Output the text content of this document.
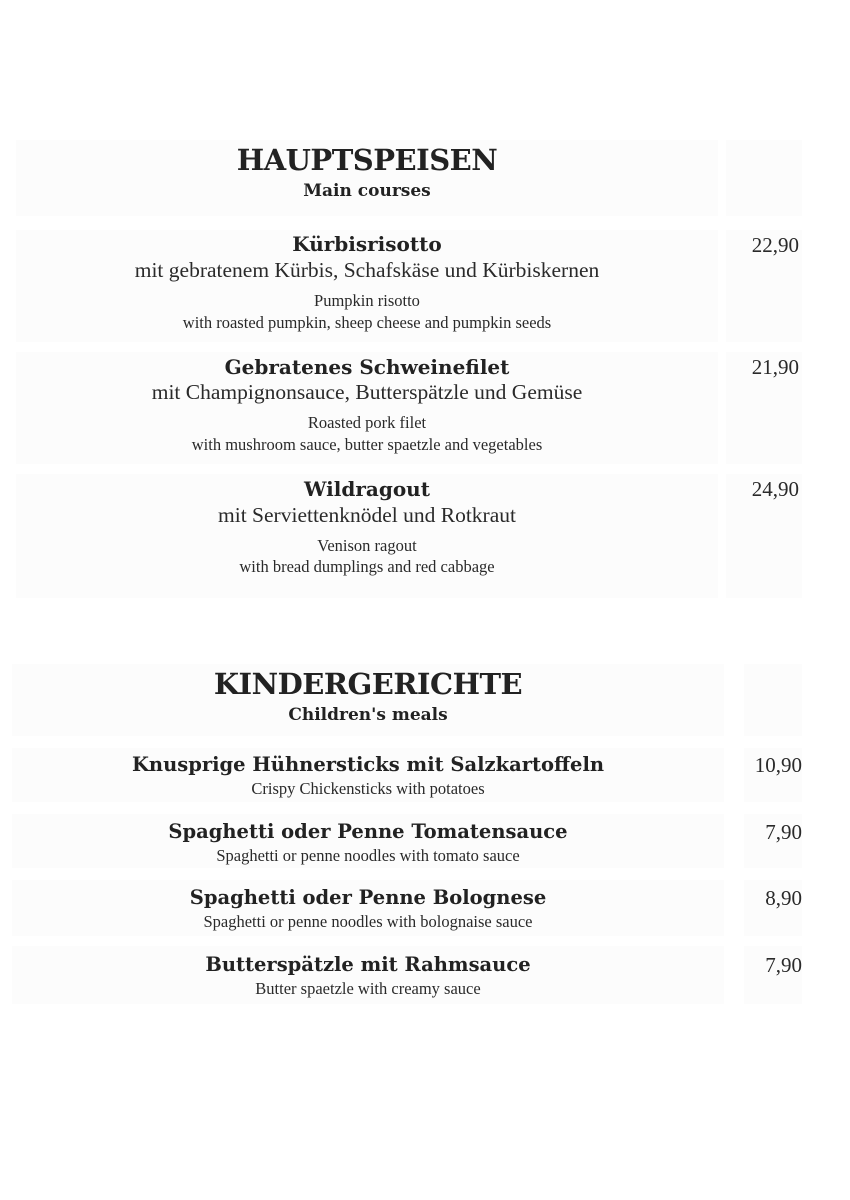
HAUPTSPEISEN
Main courses
Kürbisrisotto
mit gebratenem Kürbis, Schafskäse und Kürbiskernen
Pumpkin risotto
with roasted pumpkin, sheep cheese and pumpkin seeds
22,90
Gebratenes Schweinefilet
mit Champignonsauce, Butterspätzle und Gemüse
Roasted pork filet
with mushroom sauce, butter spaetzle and vegetables
21,90
Wildragout
mit Serviettenknödel und Rotkraut
Venison ragout
with bread dumplings and red cabbage
24,90
KINDERGERICHTE
Children's meals
Knusprige Hühnersticks mit Salzkartoffeln
Crispy Chickensticks with potatoes
10,90
Spaghetti oder Penne Tomatensauce
Spaghetti or penne noodles with tomato sauce
7,90
Spaghetti oder Penne Bolognese
Spaghetti or penne noodles with bolognaise sauce
8,90
Butterspätzle mit Rahmsauce
Butter spaetzle with creamy sauce
7,90
